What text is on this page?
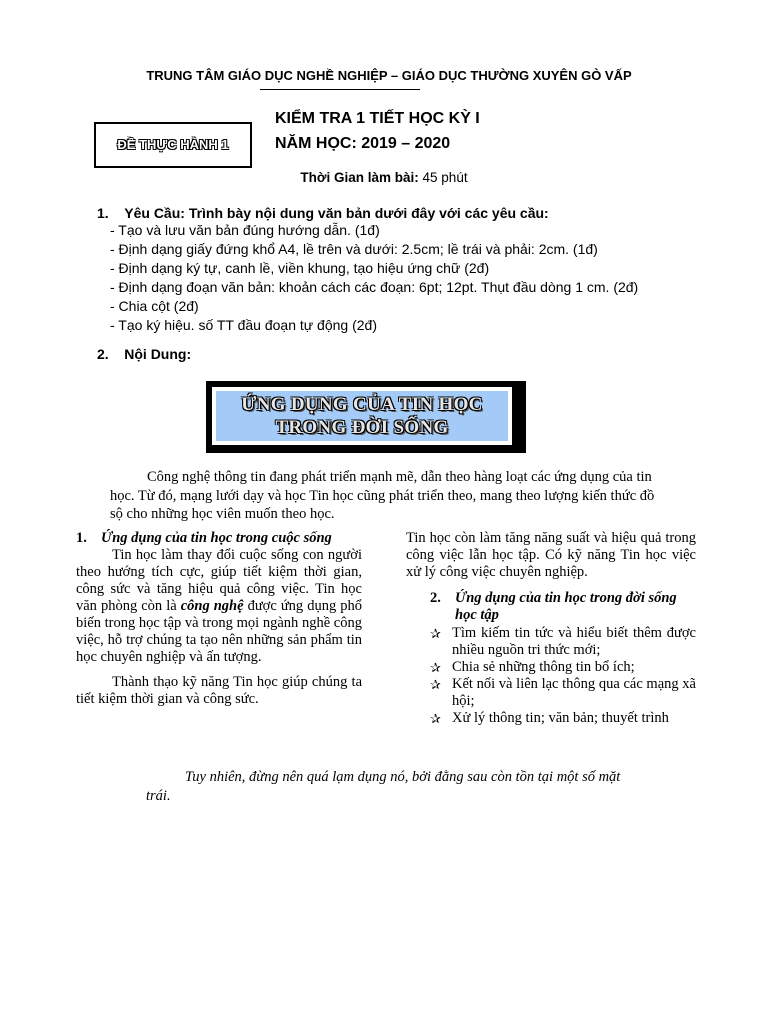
TRUNG TÂM GIÁO DỤC NGHỀ NGHIỆP – GIÁO DỤC THƯỜNG XUYÊN GÒ VẤP
ĐỀ THỰC HÀNH 1
KIỂM TRA 1 TIẾT HỌC KỲ I
NĂM HỌC: 2019 – 2020
Thời Gian làm bài: 45 phút
1. Yêu Cầu: Trình bày nội dung văn bản dưới đây với các yêu cầu:
- Tạo và lưu văn bản đúng hướng dẫn. (1đ)
- Định dạng giấy đứng khổ A4, lề trên và dưới: 2.5cm; lề trái và phải: 2cm. (1đ)
- Định dạng ký tự, canh lề, viền khung, tạo hiệu ứng chữ (2đ)
- Định dạng đoạn văn bản: khoản cách các đoạn: 6pt; 12pt. Thụt đầu dòng 1 cm. (2đ)
- Chia cột (2đ)
- Tạo ký hiệu. số TT đầu đoạn tự động (2đ)
2. Nội Dung:
ỨNG DỤNG CỦA TIN HỌC
TRONG ĐỜI SỐNG
Công nghệ thông tin đang phát triển mạnh mẽ, dẫn theo hàng loạt các ứng dụng của tin học. Từ đó, mạng lưới dạy và học Tin học cũng phát triển theo, mang theo lượng kiến thức đồ sộ cho những học viên muốn theo học.
1. Ứng dụng của tin học trong cuộc sống

Tin học làm thay đổi cuộc sống con người theo hướng tích cực, giúp tiết kiệm thời gian, công sức và tăng hiệu quả công việc. Tin học văn phòng còn là công nghệ được ứng dụng phổ biến trong học tập và trong mọi ngành nghề công việc, hỗ trợ chúng ta tạo nên những sản phẩm tin học chuyên nghiệp và ấn tượng.

Thành thạo kỹ năng Tin học giúp chúng ta tiết kiệm thời gian và công sức.

Tin học còn làm tăng năng suất và hiệu quả trong công việc lẫn học tập. Có kỹ năng Tin học việc xử lý công việc chuyên nghiệp.

2. Ứng dụng của tin học trong đời sống học tập
✰ Tìm kiếm tin tức và hiểu biết thêm được nhiều nguồn tri thức mới;
✰ Chia sẻ những thông tin bổ ích;
✰ Kết nối và liên lạc thông qua các mạng xã hội;
✰ Xử lý thông tin; văn bản; thuyết trình
Tuy nhiên, đừng nên quá lạm dụng nó, bởi đằng sau còn tồn tại một số mặt trái.
